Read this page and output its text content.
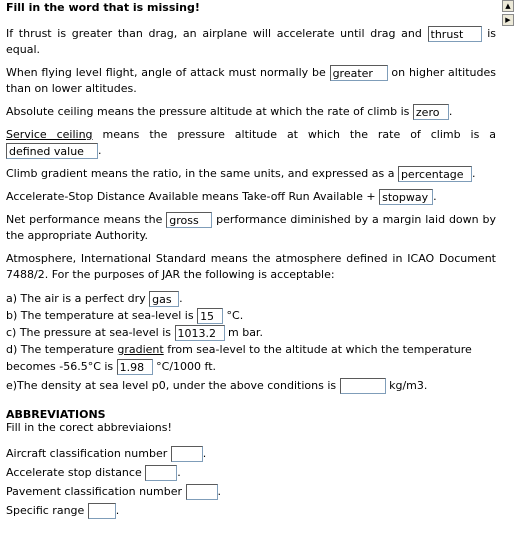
Fill in the word that is missing!

If thrust is greater than drag, an airplane will accelerate until drag and thrust	is equal.

When flying level flight, angle of attack must normally be greater	on higher altitudes than on lower altitudes.

Absolute ceiling means the pressure altitude at which the rate of climb is zero	.

Service ceiling means the pressure altitude at which the rate of climb is a defined value.

Climb gradient means the ratio, in the same units, and expressed as a percentage	.

Accelerate-Stop Distance Available means Take-off Run Available + stopway	.

Net performance means the gross	performance diminished by a margin laid down by the appropriate Authority.

Atmosphere, International Standard means the atmosphere defined in ICAO Document 7488/2. For the purposes of JAR the following is acceptable:

a) The air is a perfect dry gas	.
b) The temperature at sea-level is 15 °C.
c) The pressure at sea-level is 1013.2	m bar.
d) The temperature gradient from sea-level to the altitude at which the temperature becomes -56.5°C is 1.98	°C/1000 ft.
e)The density at sea level p0, under the above conditions is	kg/m3.
ABBREVIATIONS
Fill in the corect abbreviaions!
Aircraft classification number	.
Accelerate stop distance	.
Pavement classification number	.
Specific range	.
▲
▶
